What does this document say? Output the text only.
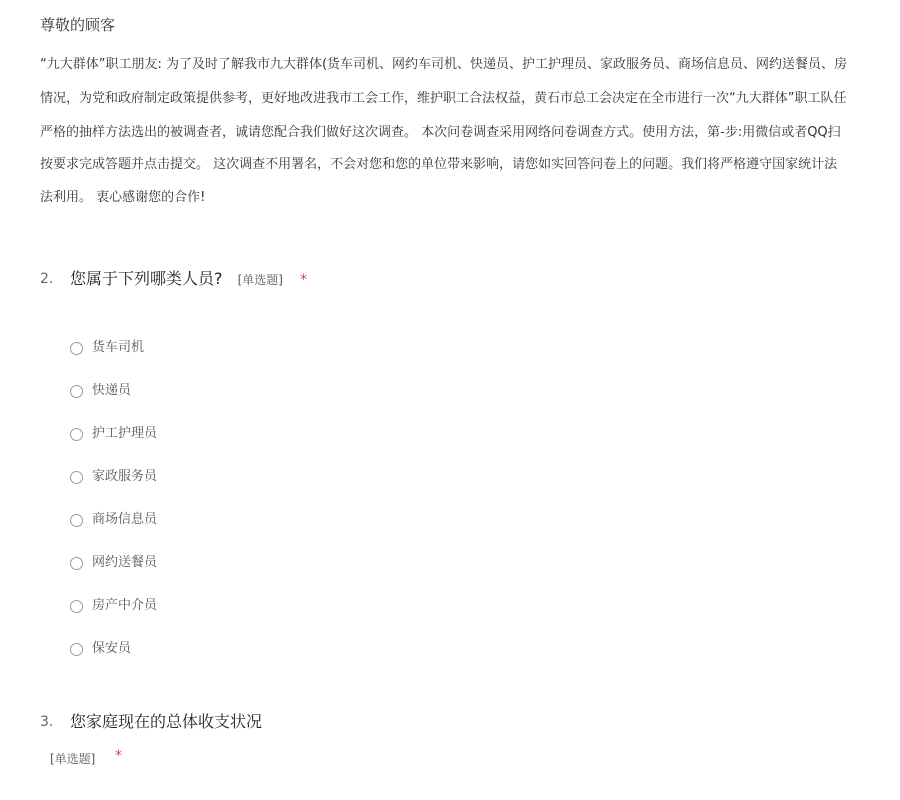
尊敬的顾客
“九大群体”职工朋友: 为了及时了解我市九大群体(货车司机、网约车司机、快递员、护工护理员、家政服务员、商场信息员、网约送餐员、房
情况，为党和政府制定政策提供参考，更好地改进我市工会工作，维护职工合法权益，黄石市总工会决定在全市进行一次“九大群体”职工队任
严格的抽样方法选出的被调查者，诚请您配合我们做好这次调查。 本次问卷调查采用网络问卷调查方式。使用方法，第-步:用微信或者QQ扫
按要求完成答题并点击提交。 这次调查不用署名，不会对您和您的单位带来影响，请您如实回答问卷上的问题。我们将严格遵守国家统计法
法利用。 衷心感谢您的合作!
2. 您属于下列哪类人员? [单选题] *
货车司机
快递员
护工护理员
家政服务员
商场信息员
网约送餐员
房产中介员
保安员
3. 您家庭现在的总体收支状况
[单选题] *
